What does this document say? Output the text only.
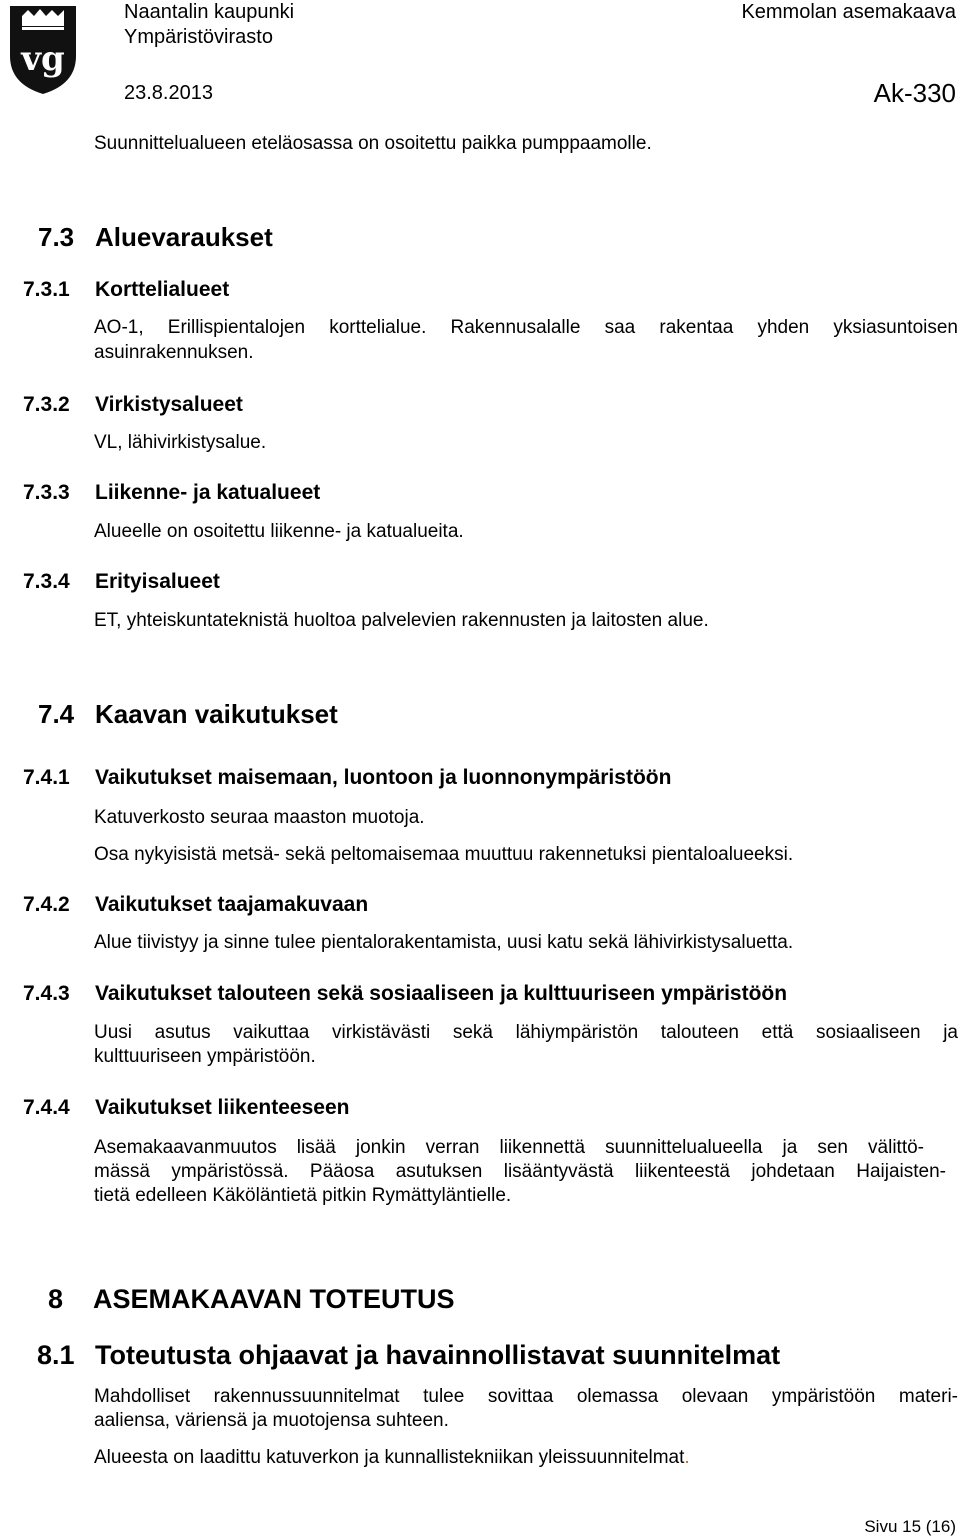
vg
Naantalin kaupunki
Ympäristövirasto
23.8.2013
Kemmolan asemakaava
Ak-330
Suunnittelualueen eteläosassa on osoitettu paikka pumppaamolle.
7.3 Aluevaraukset
7.3.1 Korttelialueet
AO-1, Erillispientalojen korttelialue. Rakennusalalle saa rakentaa yhden yksiasuntoisen
asuinrakennuksen.
7.3.2 Virkistysalueet
VL, lähivirkistysalue.
7.3.3 Liikenne- ja katualueet
Alueelle on osoitettu liikenne- ja katualueita.
7.3.4 Erityisalueet
ET, yhteiskuntateknistä huoltoa palvelevien rakennusten ja laitosten alue.
7.4 Kaavan vaikutukset
7.4.1 Vaikutukset maisemaan, luontoon ja luonnonympäristöön
Katuverkosto seuraa maaston muotoja.
Osa nykyisistä metsä- sekä peltomaisemaa muuttuu rakennetuksi pientaloalueeksi.
7.4.2 Vaikutukset taajamakuvaan
Alue tiivistyy ja sinne tulee pientalorakentamista, uusi katu sekä lähivirkistysaluetta.
7.4.3 Vaikutukset talouteen sekä sosiaaliseen ja kulttuuriseen ympäristöön
Uusi asutus vaikuttaa virkistävästi sekä lähiympäristön talouteen että sosiaaliseen ja
kulttuuriseen ympäristöön.
7.4.4 Vaikutukset liikenteeseen
Asemakaavanmuutos lisää jonkin verran liikennettä suunnittelualueella ja sen välittö-
mässä ympäristössä. Pääosa asutuksen lisääntyvästä liikenteestä johdetaan Haijaisten-
tietä edelleen Käköläntietä pitkin Rymättyläntielle.
8 ASEMAKAAVAN TOTEUTUS
8.1 Toteutusta ohjaavat ja havainnollistavat suunnitelmat
Mahdolliset rakennussuunnitelmat tulee sovittaa olemassa olevaan ympäristöön materi-
aaliensa, väriensä ja muotojensa suhteen.
Alueesta on laadittu katuverkon ja kunnallistekniikan yleissuunnitelmat.
Sivu 15 (16)
